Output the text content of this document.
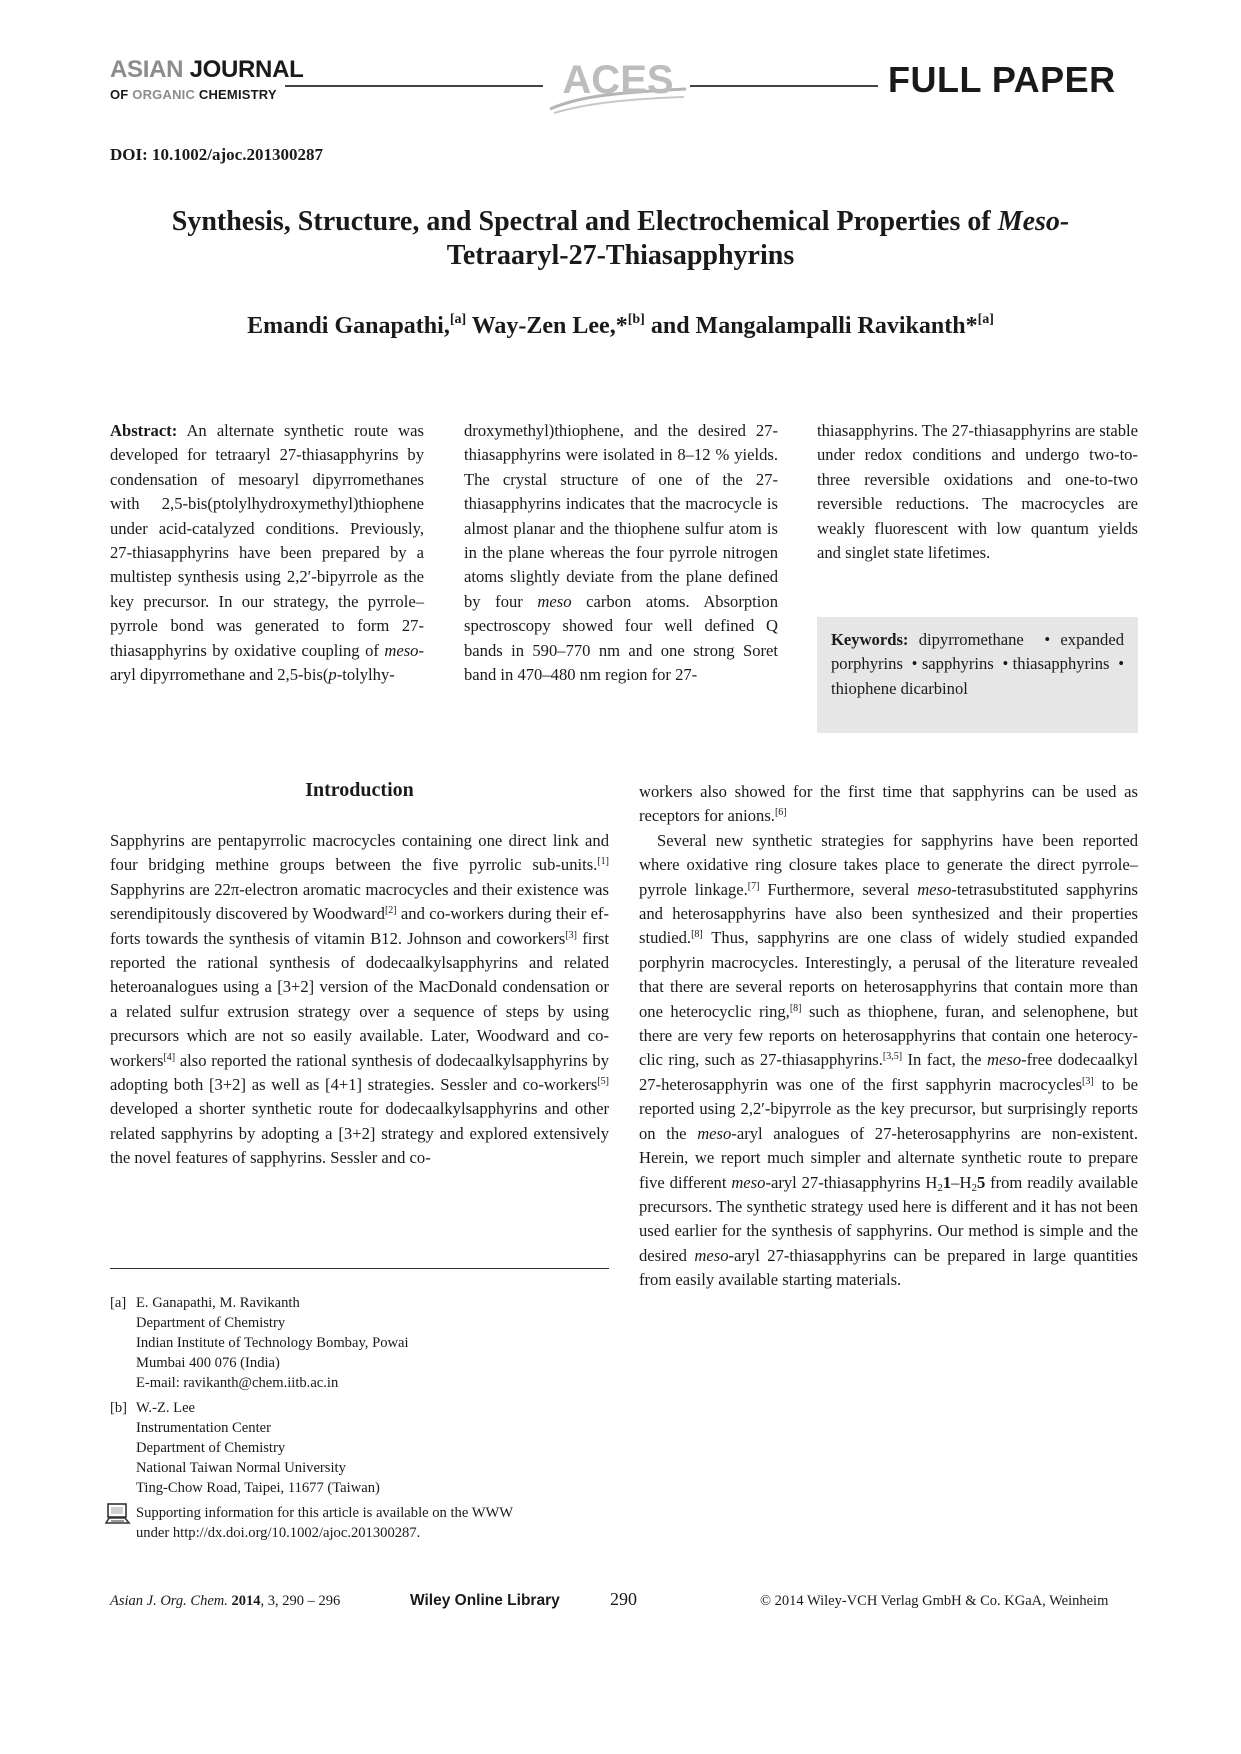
ASIAN JOURNAL
OF ORGANIC CHEMISTRY	ACES	FULL PAPER
DOI: 10.1002/ajoc.201300287
Synthesis, Structure, and Spectral and Electrochemical Properties of Meso-
Tetraaryl-27-Thiasapphyrins
Emandi Ganapathi,[a] Way-Zen Lee,*[b] and Mangalampalli Ravikanth*[a]
Abstract: An alternate synthetic route was developed for tetraaryl 27-thiasapphyrins by condensation of mesoaryl dipyrromethanes with 2,5-bis(ptolylhydroxymethyl)thiophene under acid-catalyzed conditions. Previously, 27-thiasapphyrins have been prepared by a multistep synthesis using 2,2′-bipyrrole as the key precursor. In our strategy, the pyrrole–pyrrole bond was generated to form 27-thiasapphyrins by oxidative coupling of meso-aryl dipyrromethane and 2,5-bis(p-tolylhy-
droxymethyl)thiophene, and the desired 27-thiasapphyrins were isolated in 8–12 % yields. The crystal structure of one of the 27-thiasapphyrins indicates that the macrocycle is almost planar and the thiophene sulfur atom is in the plane whereas the four pyrrole nitrogen atoms slightly deviate from the plane defined by four meso carbon atoms. Absorption spectroscopy showed four well defined Q bands in 590–770 nm and one strong Soret band in 470–480 nm region for 27-
thiasapphyrins. The 27-thiasapphyrins are stable under redox conditions and undergo two-to-three reversible oxidations and one-to-two reversible reductions. The macrocycles are weakly fluorescent with low quantum yields and singlet state lifetimes.
Keywords: dipyrromethane  • expanded porphyrins  • sapphyrins  • thiasapphyrins  • thiophene dicarbinol
Introduction

Sapphyrins are pentapyrrolic macrocycles containing one direct link and four bridging methine groups between the five pyrrolic sub-units.[1] Sapphyrins are 22π-electron aromatic macrocycles and their existence was serendipitously discovered by Woodward[2] and co-workers during their efforts towards the synthesis of vitamin B12. Johnson and coworkers[3] first reported the rational synthesis of dodecaalkylsapphyrins and related heteroanalogues using a [3+2] version of the MacDonald condensation or a related sulfur extrusion strategy over a sequence of steps by using precursors which are not so easily available. Later, Woodward and co-workers[4] also reported the rational synthesis of dodecaalkylsapphyrins by adopting both [3+2] as well as [4+1] strategies. Sessler and co-workers[5] developed a shorter synthetic route for dodecaalkylsapphyrins and other related sapphyrins by adopting a [3+2] strategy and explored extensively the novel features of sapphyrins. Sessler and co-

workers also showed for the first time that sapphyrins can be used as receptors for anions.[6]

Several new synthetic strategies for sapphyrins have been reported where oxidative ring closure takes place to generate the direct pyrrole–pyrrole linkage.[7] Furthermore, several meso-tetrasubstituted sapphyrins and heterosapphyrins have also been synthesized and their properties studied.[8] Thus, sapphyrins are one class of widely studied expanded porphyrin macrocycles. Interestingly, a perusal of the literature revealed that there are several reports on heterosapphyrins that contain more than one heterocyclic ring,[8] such as thiophene, furan, and selenophene, but there are very few reports on heterosapphyrins that contain one heterocyclic ring, such as 27-thiasapphyrins.[3,5] In fact, the meso-free dodecaalkyl 27-heterosapphyrin was one of the first sapphyrin macrocycles[3] to be reported using 2,2′-bipyrrole as the key precursor, but surprisingly reports on the meso-aryl analogues of 27-heterosapphyrins are non-existent. Herein, we report much simpler and alternate synthetic route to prepare five different meso-aryl 27-thiasapphyrins $H_21-H_25$ from readily available precursors. The synthetic strategy used here is different and it has not been used earlier for the synthesis of sapphyrins. Our method is simple and the desired meso-aryl 27-thiasapphyrins can be prepared in large quantities from easily available starting materials.

[a] E. Ganapathi, M. Ravikanth
Department of Chemistry
Indian Institute of Technology Bombay, Powai
Mumbai 400 076 (India)
E-mail: ravikanth@chem.iitb.ac.in
[b] W.-Z. Lee
Instrumentation Center
Department of Chemistry
National Taiwan Normal University
Ting-Chow Road, Taipei, 11677 (Taiwan)
Supporting information for this article is available on the WWW
under http://dx.doi.org/10.1002/ajoc.201300287.
Asian J. Org. Chem. 2014, 3, 290 – 296	Wiley Online Library	290	© 2014 Wiley-VCH Verlag GmbH & Co. KGaA, Weinheim
